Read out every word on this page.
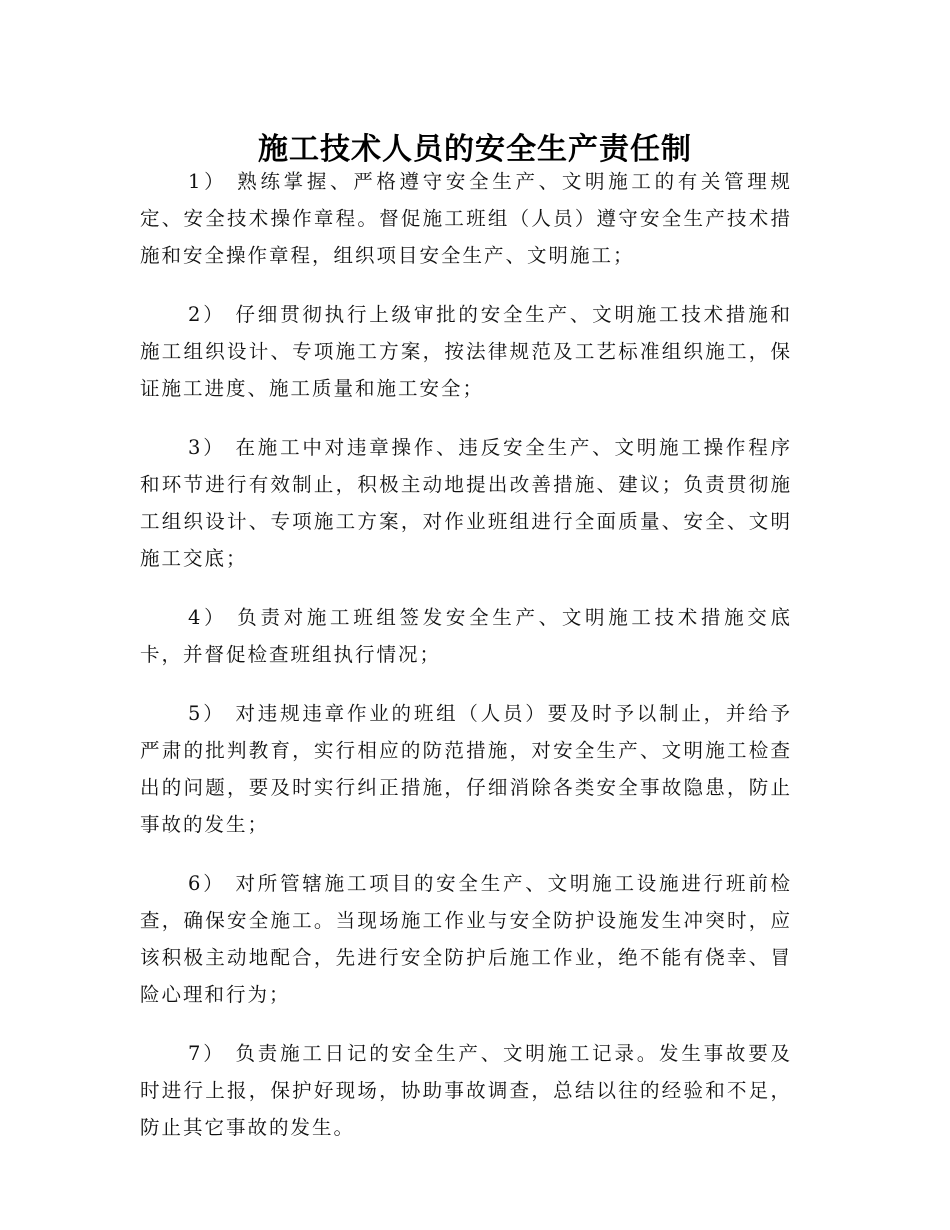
施工技术人员的安全生产责任制

1） 熟练掌握、严格遵守安全生产、文明施工的有关管理规定、安全技术操作章程。督促施工班组（人员）遵守安全生产技术措施和安全操作章程，组织项目安全生产、文明施工；

2） 仔细贯彻执行上级审批的安全生产、文明施工技术措施和施工组织设计、专项施工方案，按法律规范及工艺标准组织施工，保证施工进度、施工质量和施工安全；

3） 在施工中对违章操作、违反安全生产、文明施工操作程序和环节进行有效制止，积极主动地提出改善措施、建议；负责贯彻施工组织设计、专项施工方案，对作业班组进行全面质量、安全、文明施工交底；

4） 负责对施工班组签发安全生产、文明施工技术措施交底卡，并督促检查班组执行情况；

5） 对违规违章作业的班组（人员）要及时予以制止，并给予严肃的批判教育，实行相应的防范措施，对安全生产、文明施工检查出的问题，要及时实行纠正措施，仔细消除各类安全事故隐患，防止事故的发生；

6） 对所管辖施工项目的安全生产、文明施工设施进行班前检查，确保安全施工。当现场施工作业与安全防护设施发生冲突时，应该积极主动地配合，先进行安全防护后施工作业，绝不能有侥幸、冒险心理和行为；

7） 负责施工日记的安全生产、文明施工记录。发生事故要及时进行上报，保护好现场，协助事故调查，总结以往的经验和不足，防止其它事故的发生。
